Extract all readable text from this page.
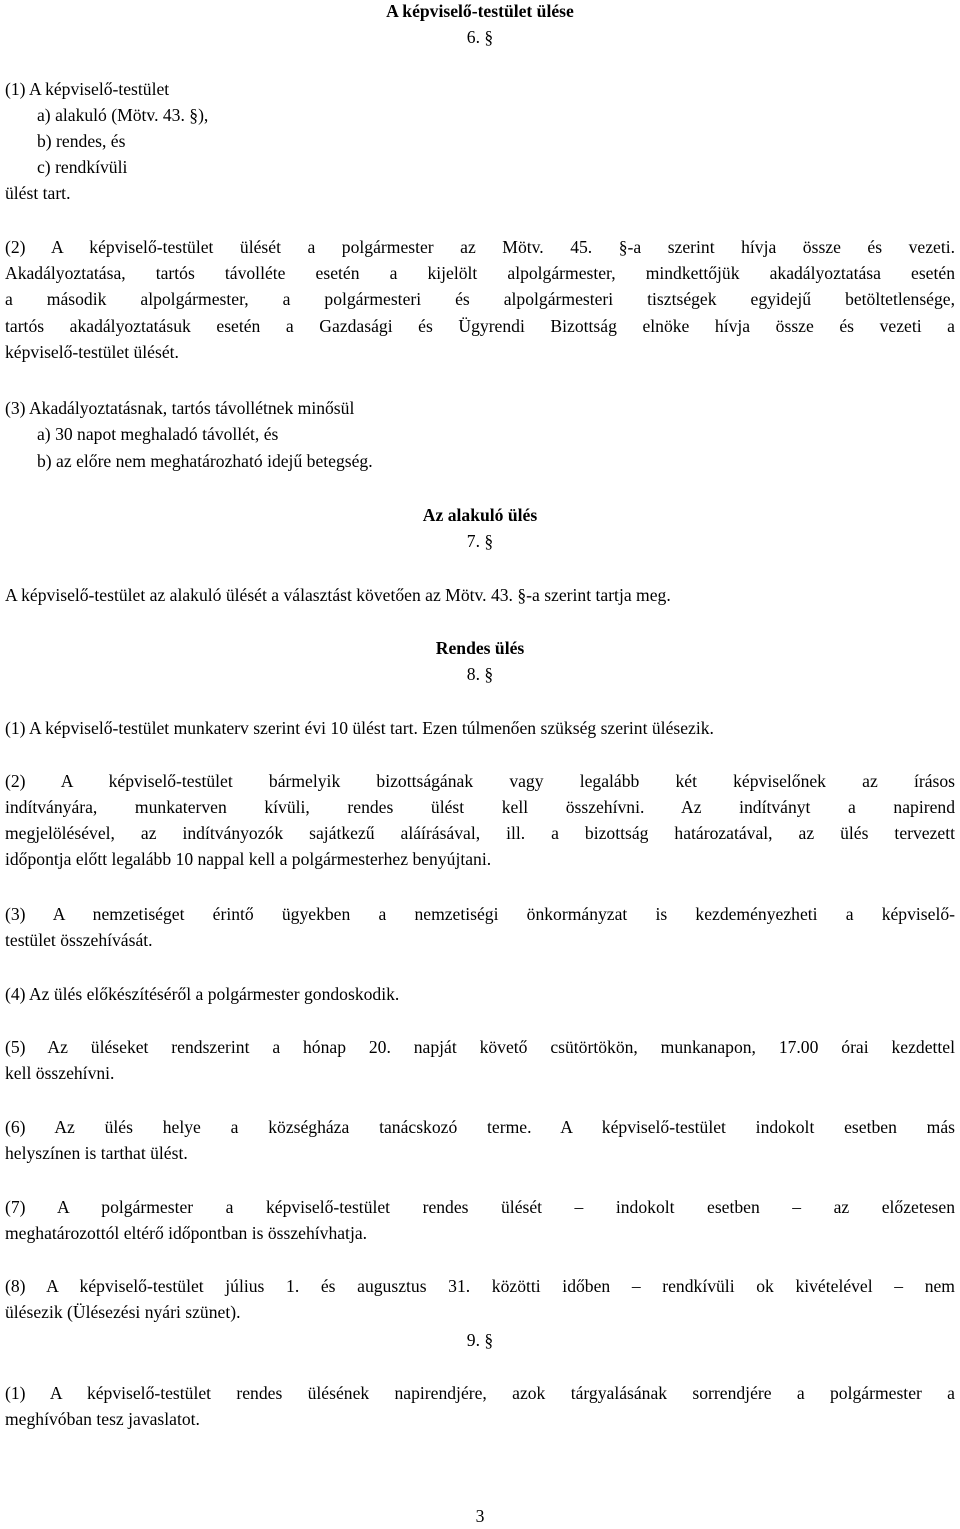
A képviselő-testület ülése
6. §
(1) A képviselő-testület
a) alakuló (Mötv. 43. §),
b) rendes, és
c) rendkívüli
ülést tart.
(2) A képviselő-testület ülését a polgármester az Mötv. 45. §-a szerint hívja össze és vezeti.
Akadályoztatása, tartós távolléte esetén a kijelölt alpolgármester, mindkettőjük akadályoztatása esetén
a második alpolgármester, a polgármesteri és alpolgármesteri tisztségek egyidejű betöltetlensége,
tartós akadályoztatásuk esetén a Gazdasági és Ügyrendi Bizottság elnöke hívja össze és vezeti a
képviselő-testület ülését.
(3) Akadályoztatásnak, tartós távollétnek minősül
a) 30 napot meghaladó távollét, és
b) az előre nem meghatározható idejű betegség.
Az alakuló ülés
7. §
A képviselő-testület az alakuló ülését a választást követően az Mötv. 43. §-a szerint tartja meg.
Rendes ülés
8. §
(1) A képviselő-testület munkaterv szerint évi 10 ülést tart. Ezen túlmenően szükség szerint ülésezik.
(2) A képviselő-testület bármelyik bizottságának vagy legalább két képviselőnek az írásos
indítványára, munkaterven kívüli, rendes ülést kell összehívni. Az indítványt a napirend
megjelölésével, az indítványozók sajátkezű aláírásával, ill. a bizottság határozatával, az ülés tervezett
időpontja előtt legalább 10 nappal kell a polgármesterhez benyújtani.
(3) A nemzetiséget érintő ügyekben a nemzetiségi önkormányzat is kezdeményezheti a képviselő-
testület összehívását.
(4) Az ülés előkészítéséről a polgármester gondoskodik.
(5) Az üléseket rendszerint a hónap 20. napját követő csütörtökön, munkanapon, 17.00 órai kezdettel
kell összehívni.
(6) Az ülés helye a községháza tanácskozó terme. A képviselő-testület indokolt esetben más
helyszínen is tarthat ülést.
(7) A polgármester a képviselő-testület rendes ülését – indokolt esetben – az előzetesen
meghatározottól eltérő időpontban is összehívhatja.
(8) A képviselő-testület július 1. és augusztus 31. közötti időben – rendkívüli ok kivételével – nem
ülésezik (Ülésezési nyári szünet).
9. §
(1) A képviselő-testület rendes ülésének napirendjére, azok tárgyalásának sorrendjére a polgármester a
meghívóban tesz javaslatot.
3
